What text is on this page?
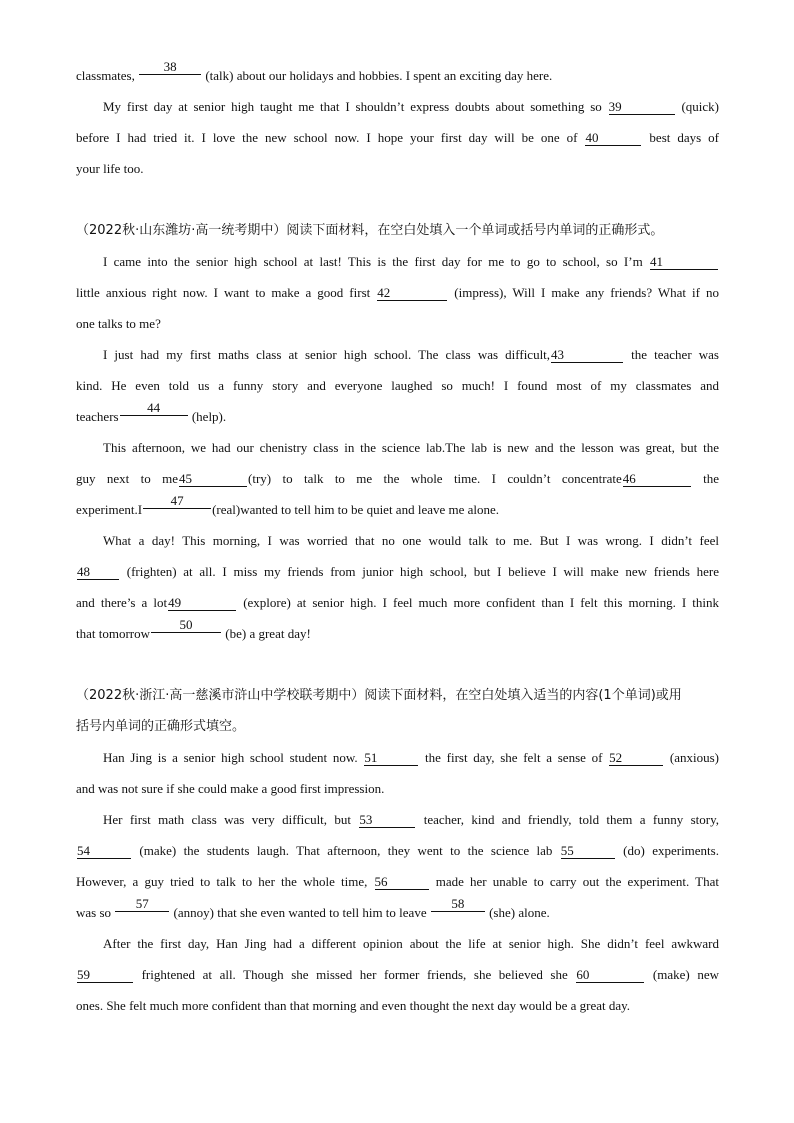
classmates,
38
(talk) about our holidays and hobbies. I spent an exciting day here.
My first day at senior high taught me that I shouldn’t express doubts about something so 39	(quick)
before I had tried it. I love the new school now. I hope your first day will be one of 40	best days of
your life too.
（2022秋·山东潍坊·高一统考期中）阅读下面材料，在空白处填入一个单词或括号内单词的正确形式。
I came into the senior high school at last! This is the first day for me to go to school, so I’m 41
little anxious right now. I want to make a good first 42	(impress), Will I make any friends? What if no
one talks to me?
I just had my first maths class at senior high school. The class was difficult,43	the teacher was
kind. He even told us a funny story and everyone laughed so much! I found most of my classmates and
teachers
44
(help).
This afternoon, we had our chenistry class in the science lab.The lab is new and the lesson was great, but the
guy next to me45	(try) to talk to me the whole time. I couldn’t concentrate46	the
experiment.I
47
(real)wanted to tell him to be quiet and leave me alone.
What a day! This morning, I was worried that no one would talk to me. But I was wrong. I didn’t feel
48 (frighten) at all. I miss my friends from junior high school, but I believe I will make new friends here
and there’s a lot49	(explore) at senior high. I feel much more confident than I felt this morning. I think
that tomorrow
50
(be) a great day!
（2022秋·浙江·高一慈溪市浒山中学校联考期中）阅读下面材料，在空白处填入适当的内容(1个单词)或用
括号内单词的正确形式填空。
Han Jing is a senior high school student now. 51	the first day, she felt a sense of 52	(anxious)
and was not sure if she could make a good first impression.
Her first math class was very difficult, but 53	teacher, kind and friendly, told them a funny story,
54	(make) the students laugh. That afternoon, they went to the science lab 55	(do) experiments.
However, a guy tried to talk to her the whole time, 56	made her unable to carry out the experiment. That
was so
57
(annoy) that she even wanted to tell him to leave
58
(she) alone.
After the first day, Han Jing had a different opinion about the life at senior high. She didn’t feel awkward
59	frightened at all. Though she missed her former friends, she believed she 60	(make) new
ones. She felt much more confident than that morning and even thought the next day would be a great day.
